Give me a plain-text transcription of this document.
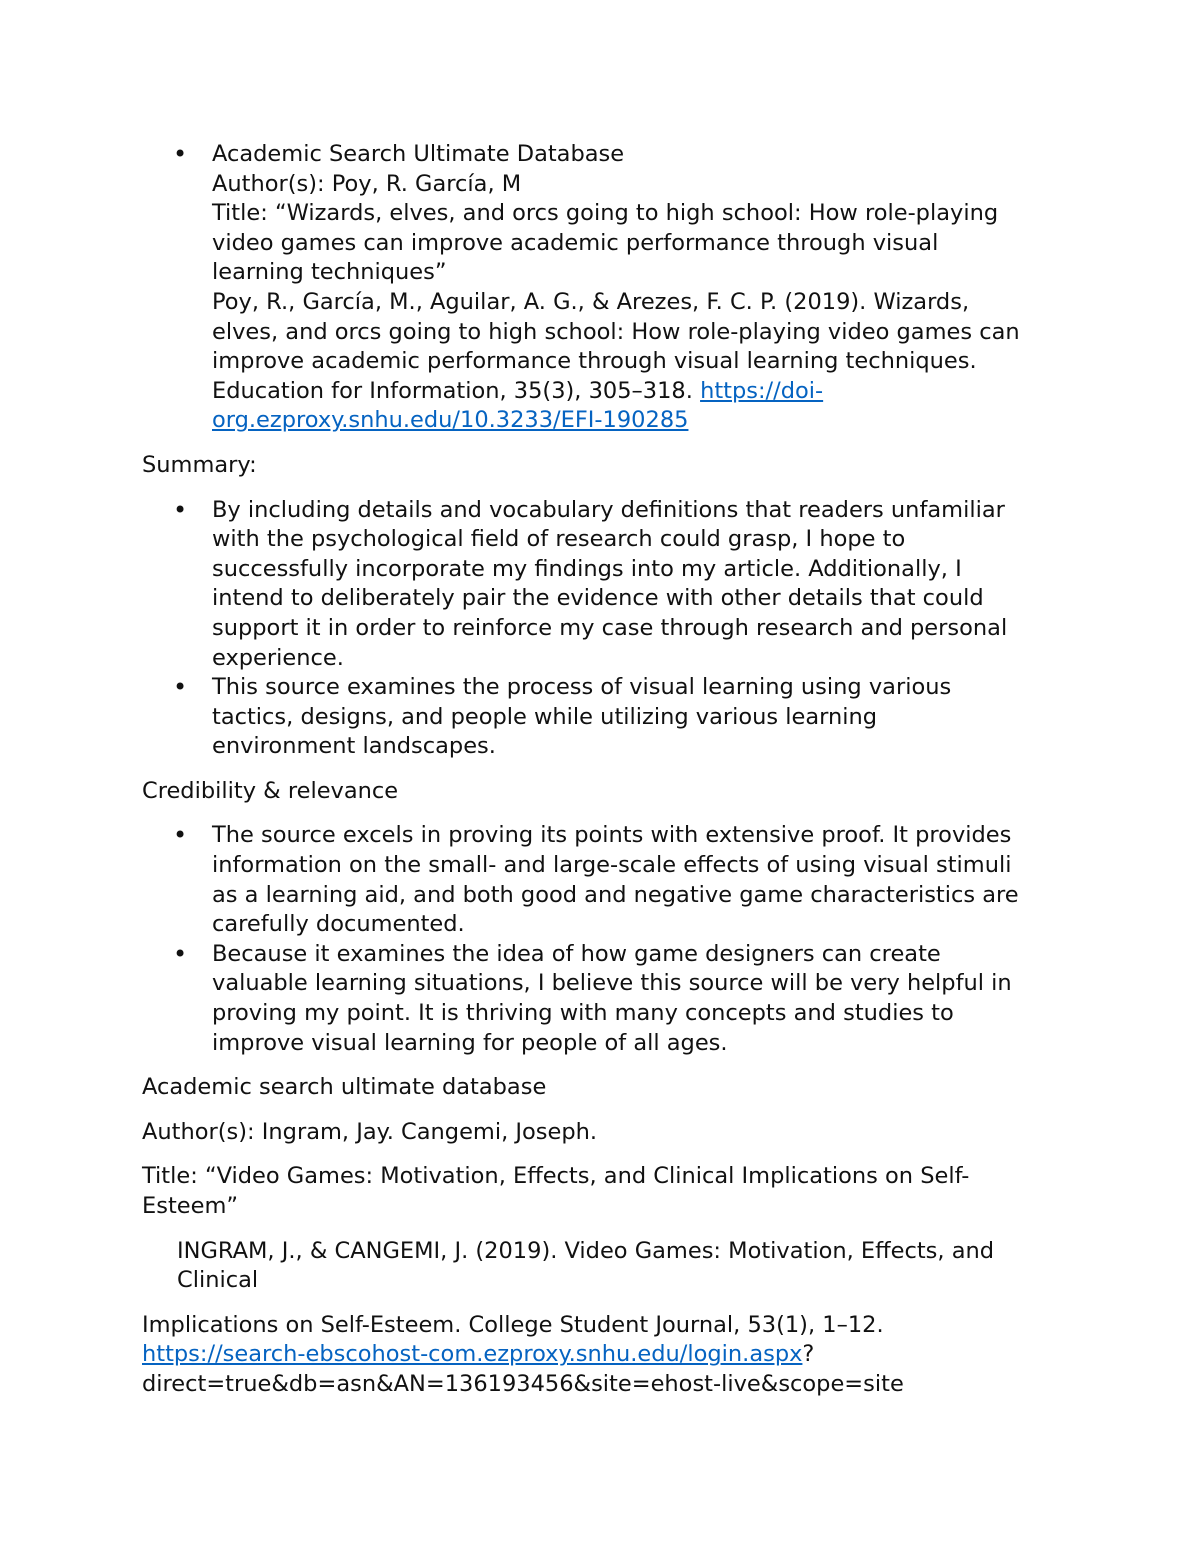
• Academic Search Ultimate Database
Author(s): Poy, R. García, M
Title: “Wizards, elves, and orcs going to high school: How role-playing
video games can improve academic performance through visual
learning techniques”
Poy, R., García, M., Aguilar, A. G., & Arezes, F. C. P. (2019). Wizards,
elves, and orcs going to high school: How role-playing video games can
improve academic performance through visual learning techniques.
Education for Information, 35(3), 305–318. https://doi-
org.ezproxy.snhu.edu/10.3233/EFI-190285

Summary:

• By including details and vocabulary definitions that readers unfamiliar
with the psychological field of research could grasp, I hope to
successfully incorporate my findings into my article. Additionally, I
intend to deliberately pair the evidence with other details that could
support it in order to reinforce my case through research and personal
experience.
• This source examines the process of visual learning using various
tactics, designs, and people while utilizing various learning
environment landscapes.

Credibility & relevance

• The source excels in proving its points with extensive proof. It provides
information on the small- and large-scale effects of using visual stimuli
as a learning aid, and both good and negative game characteristics are
carefully documented.
• Because it examines the idea of how game designers can create
valuable learning situations, I believe this source will be very helpful in
proving my point. It is thriving with many concepts and studies to
improve visual learning for people of all ages.

Academic search ultimate database

Author(s): Ingram, Jay. Cangemi, Joseph.

Title: “Video Games: Motivation, Effects, and Clinical Implications on Self-
Esteem”

INGRAM, J., & CANGEMI, J. (2019). Video Games: Motivation, Effects, and
Clinical

Implications on Self-Esteem. College Student Journal, 53(1), 1–12.
https://search-ebscohost-com.ezproxy.snhu.edu/login.aspx?
direct=true&db=asn&AN=136193456&site=ehost-live&scope=site
